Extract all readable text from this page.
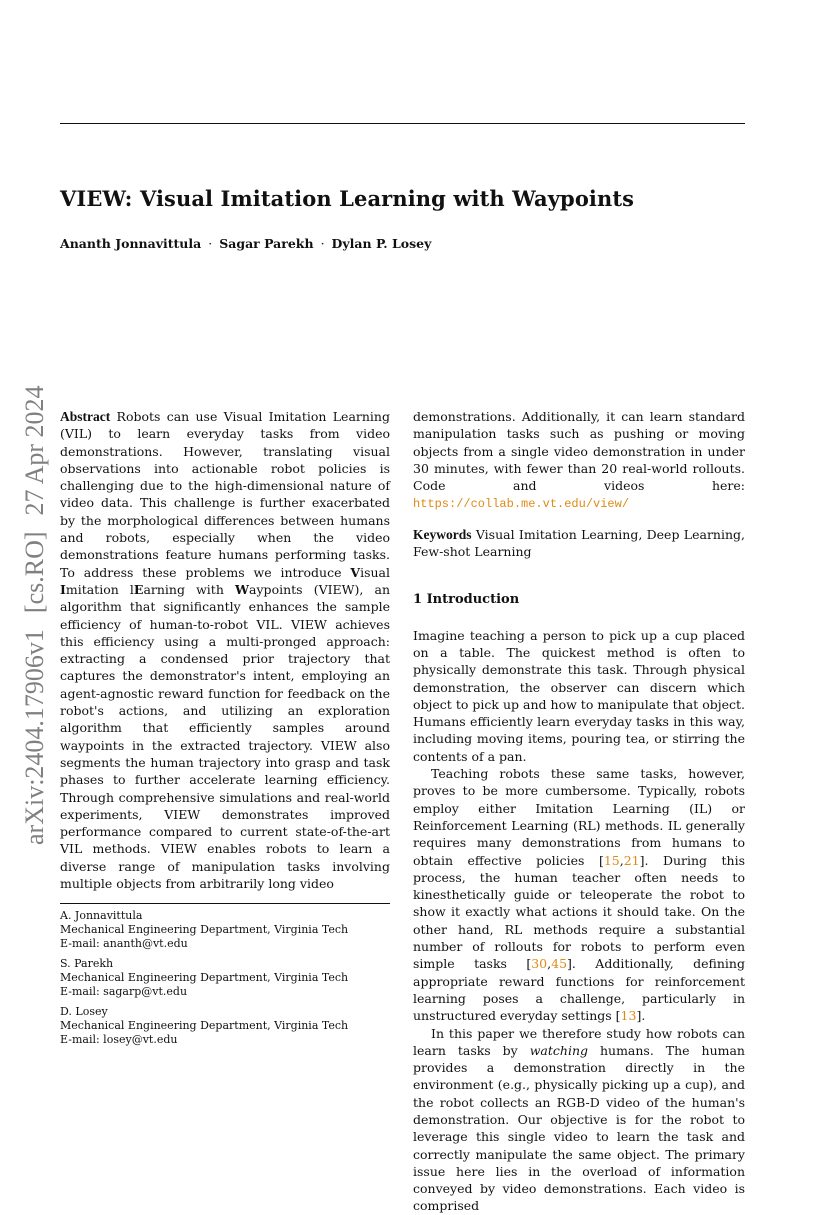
VIEW: Visual Imitation Learning with Waypoints
Ananth Jonnavittula · Sagar Parekh · Dylan P. Losey
arXiv:2404.17906v1[cs.RO]27 Apr 2024 Abstract Robots can use Visual Imitation Learning (VIL) to learn everyday tasks from video demonstrations. However, translating visual observations into actionable robot policies is challenging due to the high-dimensional nature of video data. This challenge is further exacerbated by the morphological differences between humans and robots, especially when the video demonstrations feature humans performing tasks. To address these problems we introduce Visual Imitation lEarning with Waypoints (VIEW), an algorithm that significantly enhances the sample efficiency of human-to-robot VIL. VIEW achieves this efficiency using a multi-pronged approach: extracting a condensed prior trajectory that captures the demonstrator's intent, employing an agent-agnostic reward function for feedback on the robot's actions, and utilizing an exploration algorithm that efficiently samples around waypoints in the extracted trajectory. VIEW also segments the human trajectory into grasp and task phases to further accelerate learning efficiency. Through comprehensive simulations and real-world experiments, VIEW demonstrates improved performance compared to current state-of-the-art VIL methods. VIEW enables robots to learn a diverse range of manipulation tasks involving multiple objects from arbitrarily long video

A. Jonnavittula
Mechanical Engineering Department, Virginia Tech
E-mail: ananth@vt.edu
S. Parekh
Mechanical Engineering Department, Virginia Tech
E-mail: sagarp@vt.edu
D. Losey
Mechanical Engineering Department, Virginia Tech
E-mail: losey@vt.edu

demonstrations. Additionally, it can learn standard manipulation tasks such as pushing or moving objects from a single video demonstration in under 30 minutes, with fewer than 20 real-world rollouts. Code and videos here: https://collab.me.vt.edu/view/

Keywords Visual Imitation Learning, Deep Learning, Few-shot Learning

1 Introduction

Imagine teaching a person to pick up a cup placed on a table. The quickest method is often to physically demonstrate this task. Through physical demonstration, the observer can discern which object to pick up and how to manipulate that object. Humans efficiently learn everyday tasks in this way, including moving items, pouring tea, or stirring the contents of a pan.

Teaching robots these same tasks, however, proves to be more cumbersome. Typically, robots employ either Imitation Learning (IL) or Reinforcement Learning (RL) methods. IL generally requires many demonstrations from humans to obtain effective policies [15,21]. During this process, the human teacher often needs to kinesthetically guide or teleoperate the robot to show it exactly what actions it should take. On the other hand, RL methods require a substantial number of rollouts for robots to perform even simple tasks [30,45]. Additionally, defining appropriate reward functions for reinforcement learning poses a challenge, particularly in unstructured everyday settings [13].

In this paper we therefore study how robots can learn tasks by watching humans. The human provides a demonstration directly in the environment (e.g., physically picking up a cup), and the robot collects an RGB-D video of the human's demonstration. Our objective is for the robot to leverage this single video to learn the task and correctly manipulate the same object. The primary issue here lies in the overload of information conveyed by video demonstrations. Each video is comprised
